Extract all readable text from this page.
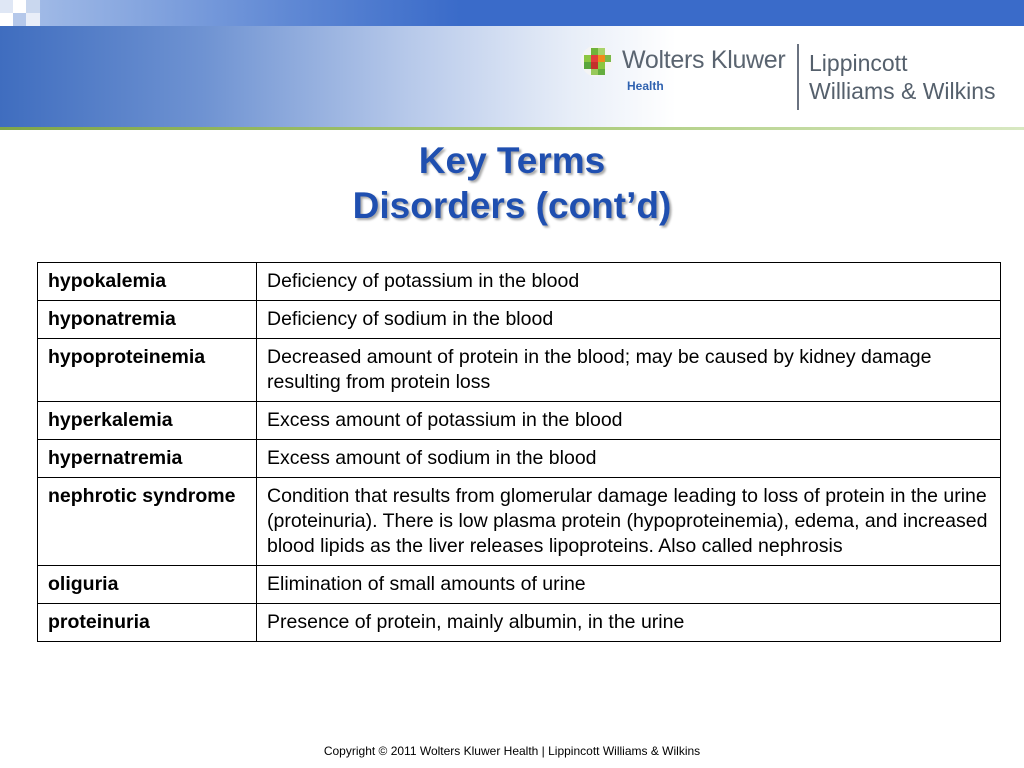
Wolters Kluwer
Health
Lippincott
Williams & Wilkins
Key Terms
Disorders (cont’d)
hypokalemia	Deficiency of potassium in the blood
hyponatremia	Deficiency of sodium in the blood
hypoproteinemia	Decreased amount of protein in the blood; may be caused by kidney damage resulting from protein loss
hyperkalemia	Excess amount of potassium in the blood
hypernatremia	Excess amount of sodium in the blood
nephrotic syndrome	Condition that results from glomerular damage leading to loss of protein in the urine (proteinuria). There is low plasma protein (hypoproteinemia), edema, and increased blood lipids as the liver releases lipoproteins. Also called nephrosis
oliguria	Elimination of small amounts of urine
proteinuria	Presence of protein, mainly albumin, in the urine
Copyright © 2011 Wolters Kluwer Health | Lippincott Williams & Wilkins
